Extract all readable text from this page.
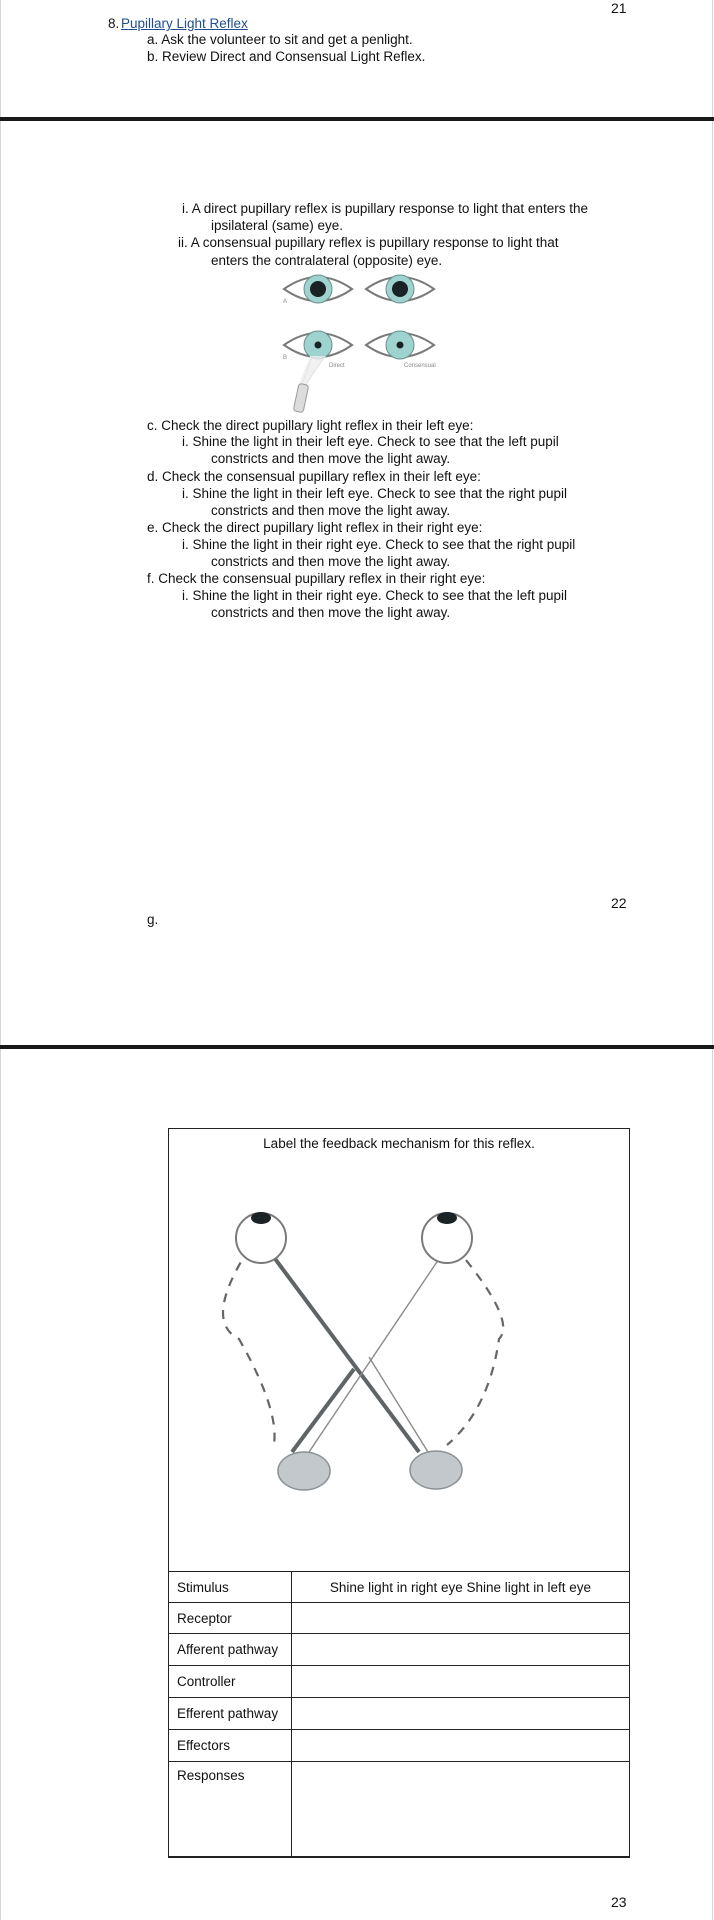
21
8. Pupillary Light Reflex
a. Ask the volunteer to sit and get a penlight.
b. Review Direct and Consensual Light Reflex.
i. A direct pupillary reflex is pupillary response to light that enters the
ipsilateral (same) eye.
ii. A consensual pupillary reflex is pupillary response to light that
enters the contralateral (opposite) eye.
A
B
Direct	Consensual
c. Check the direct pupillary light reflex in their left eye:
i. Shine the light in their left eye. Check to see that the left pupil
constricts and then move the light away.
d. Check the consensual pupillary reflex in their left eye:
i. Shine the light in their left eye. Check to see that the right pupil
constricts and then move the light away.
e. Check the direct pupillary light reflex in their right eye:
i. Shine the light in their right eye. Check to see that the right pupil
constricts and then move the light away.
f. Check the consensual pupillary reflex in their right eye:
i. Shine the light in their right eye. Check to see that the left pupil
constricts and then move the light away.
22
g.
Label the feedback mechanism for this reflex.
Stimulus	Shine light in right eye Shine light in left eye
Receptor	
Afferent pathway	
Controller	
Efferent pathway	
Effectors	
Responses	
23
